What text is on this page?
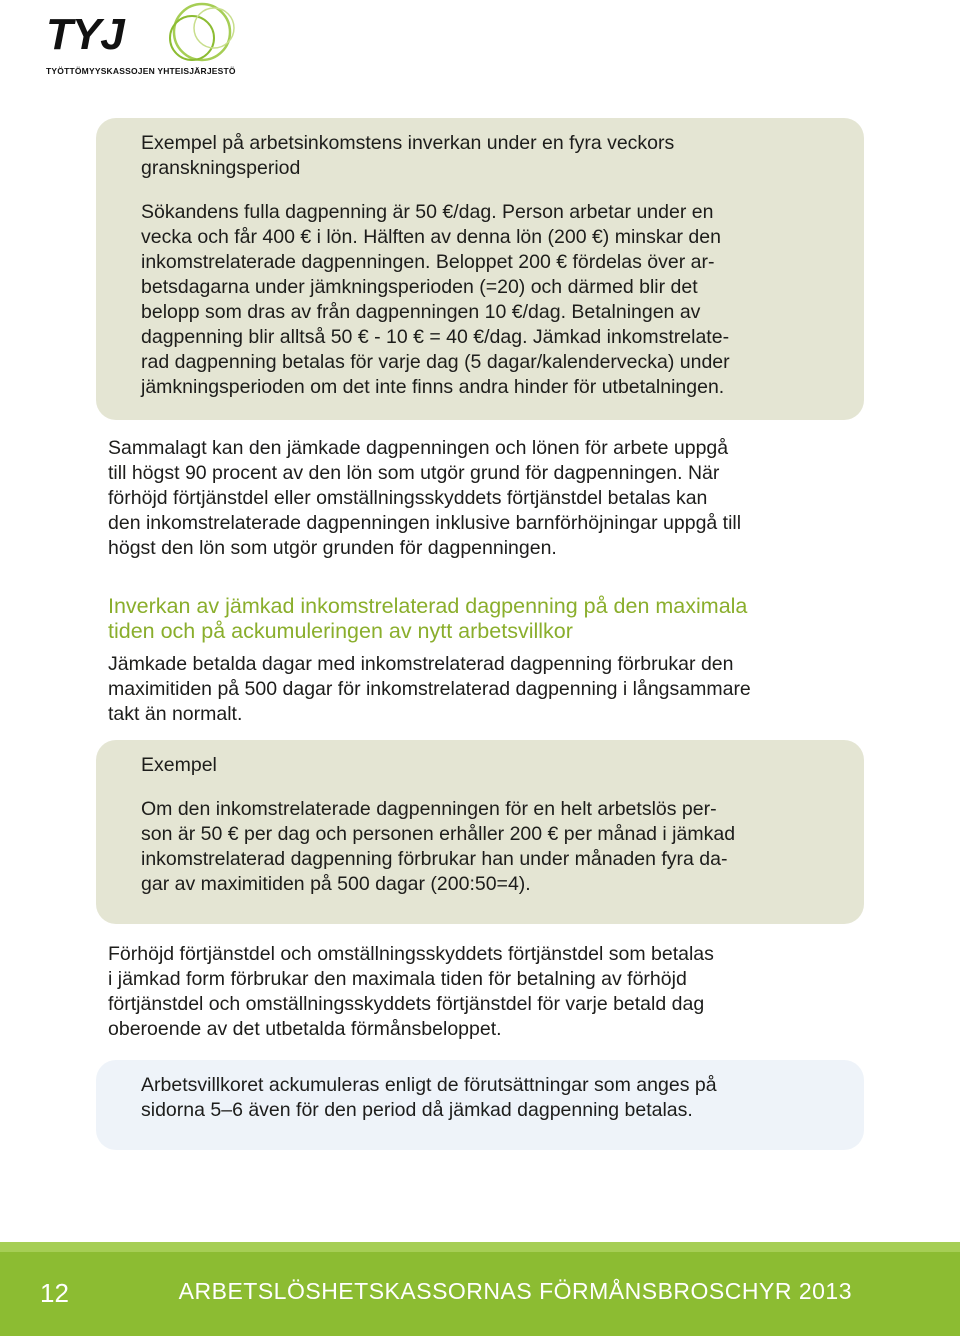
TYJ
TYÖTTÖMYYSKASSOJEN YHTEISJÄRJESTÖ

Exempel på arbetsinkomstens inverkan under en fyra veckors

granskningsperiod

Sökandens fulla dagpenning är 50 €/dag. Person arbetar under en

vecka och får 400 € i lön. Hälften av denna lön (200 €) minskar den

inkomstrelaterade dagpenningen. Beloppet 200 € fördelas över ar-

betsdagarna under jämkningsperioden (=20) och därmed blir det

belopp som dras av från dagpenningen 10 €/dag. Betalningen av

dagpenning blir alltså 50 € - 10 € = 40 €/dag. Jämkad inkomstrelate-

rad dagpenning betalas för varje dag (5 dagar/kalendervecka) under

jämkningsperioden om det inte finns andra hinder för utbetalningen.

Sammalagt kan den jämkade dagpenningen och lönen för arbete uppgå

till högst 90 procent av den lön som utgör grund för dagpenningen. När

förhöjd förtjänstdel eller omställningsskyddets förtjänstdel betalas kan

den inkomstrelaterade dagpenningen inklusive barnförhöjningar uppgå till

högst den lön som utgör grunden för dagpenningen.

Inverkan av jämkad inkomstrelaterad dagpenning på den maximala
tiden och på ackumuleringen av nytt arbetsvillkor

Jämkade betalda dagar med inkomstrelaterad dagpenning förbrukar den

maximitiden på 500 dagar för inkomstrelaterad dagpenning i långsammare

takt än normalt.

Exempel

Om den inkomstrelaterade dagpenningen för en helt arbetslös per-

son är 50 € per dag och personen erhåller 200 € per månad i jämkad

inkomstrelaterad dagpenning förbrukar han under månaden fyra da-

gar av maximitiden på 500 dagar (200:50=4).

Förhöjd förtjänstdel och omställningsskyddets förtjänstdel som betalas

i jämkad form förbrukar den maximala tiden för betalning av förhöjd

förtjänstdel och omställningsskyddets förtjänstdel för varje betald dag

oberoende av det utbetalda förmånsbeloppet.

Arbetsvillkoret ackumuleras enligt de förutsättningar som anges på

sidorna 5–6 även för den period då jämkad dagpenning betalas.

12	ARBETSLÖSHETSKASSORNAS FÖRMÅNSBROSCHYR 2013
